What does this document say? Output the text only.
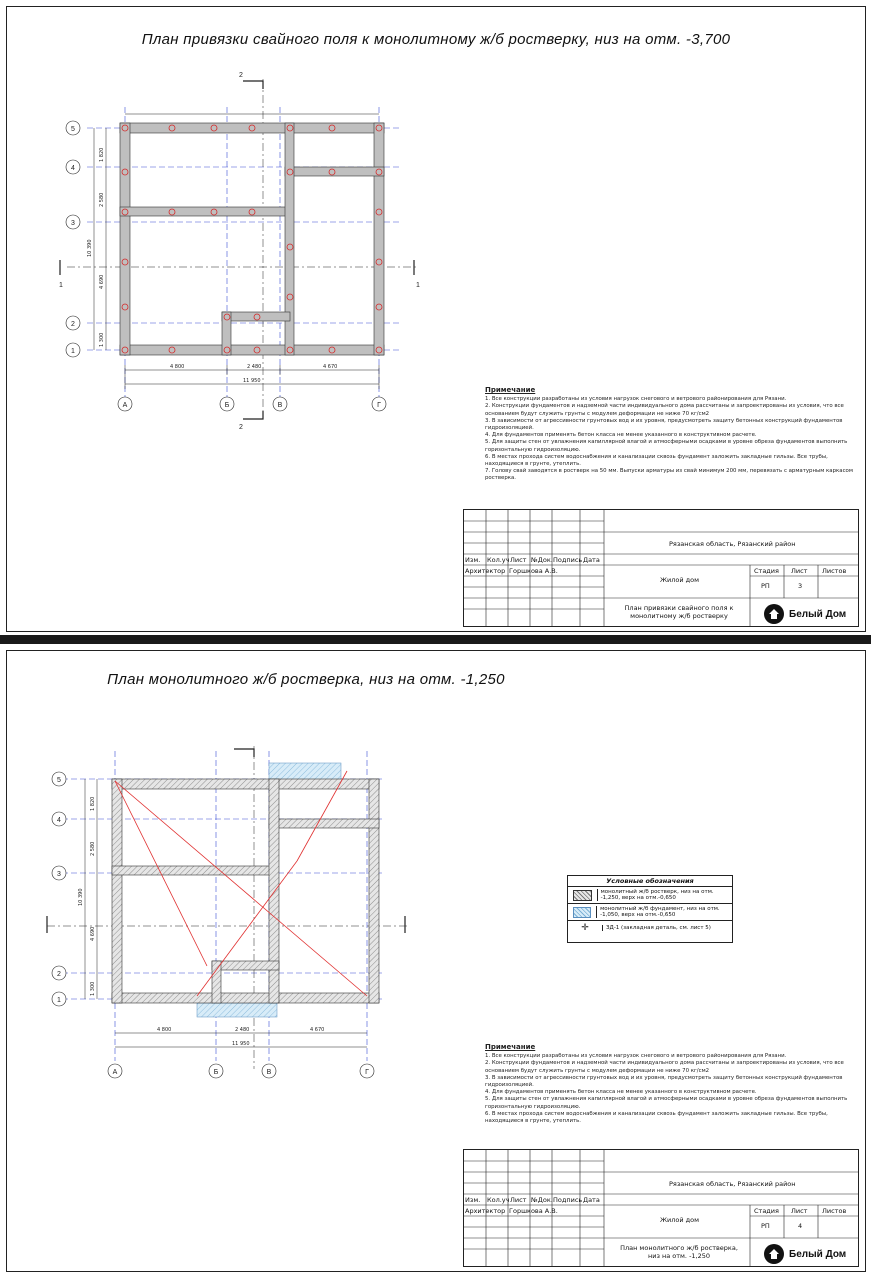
План привязки свайного поля к монолитному ж/б ростверку, низ на отм. -3,700
4 800	2 480	4 670
11 950
1 820
2 580
4 690
1 300
10 390
А	Б	В	Г
5
4
3
2
1
2
2
1	1
Примечание
1. Все конструкции разработаны из условия нагрузок снегового и ветрового районирования для Рязани.
2. Конструкции фундаментов и надземной части индивидуального дома рассчитаны и запроектированы из условия, что все основанием будут служить грунты с модулем деформации не ниже 70 кг/см2
3. В зависимости от агрессивности грунтовых вод и их уровня, предусмотреть защиту бетонных конструкций фундаментов гидроизоляцией.
4. Для фундаментов применять бетон класса не менее указанного в конструктивном расчете.
5. Для защиты стен от увлажнения капиллярной влагой и атмосферными осадками в уровне обреза фундаментов выполнить горизонтальную гидроизоляцию.
6. В местах прохода систем водоснабжения и канализации сквозь фундамент заложить закладные гильзы. Все трубы, находящиеся в грунте, утеплить.
7. Голову свай заводятся в ростверк на 50 мм. Выпуски арматуры из свай минимум 200 мм, перевязать с арматурным каркасом ростверка.
Изм. Кол.уч Лист №Док. Подпись Дата
Архитектор Горшкова А.В.
Рязанская область, Рязанский район
Жилой дом
Стадия Лист Листов
РП	3
План привязки свайного поля к монолитному ж/б ростверку	Белый Дом
План монолитного ж/б ростверка, низ на отм. -1,250
4 800	2 480	4 670
11 950
1 820
2 580
4 690
1 300
10 390
А	Б	В	Г
5
4
3
2
1
Условные обозначения
монолитный ж/б ростверк, низ на отм. -1,250, верх на отм.-0,650
монолитный ж/б фундамент, низ на отм. -1,050, верх на отм.-0,650
✛	ЗД-1 (закладная деталь, см. лист 5)
Примечание
1. Все конструкции разработаны из условия нагрузок снегового и ветрового районирования для Рязани.
2. Конструкции фундаментов и надземной части индивидуального дома рассчитаны и запроектированы из условия, что все основанием будут служить грунты с модулем деформации не ниже 70 кг/см2
3. В зависимости от агрессивности грунтовых вод и их уровня, предусмотреть защиту бетонных конструкций фундаментов гидроизоляцией.
4. Для фундаментов применять бетон класса не менее указанного в конструктивном расчете.
5. Для защиты стен от увлажнения капиллярной влагой и атмосферными осадками в уровне обреза фундаментов выполнить горизонтальную гидроизоляцию.
6. В местах прохода систем водоснабжения и канализации сквозь фундамент заложить закладные гильзы. Все трубы, находящиеся в грунте, утеплить.
Изм. Кол.уч Лист №Док. Подпись Дата
Архитектор Горшкова А.В.
Рязанская область, Рязанский район
Жилой дом
Стадия Лист Листов
РП	4
План монолитного ж/б ростверка, низ на отм. -1,250	Белый Дом
